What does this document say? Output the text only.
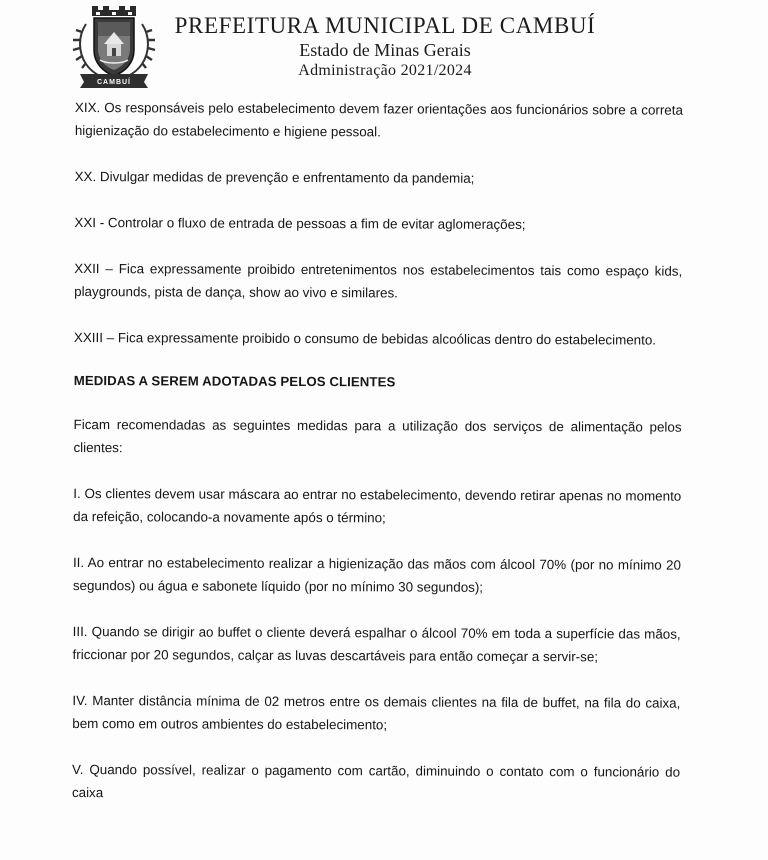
CAMBUÍ
PREFEITURA MUNICIPAL DE CAMBUÍ
Estado de Minas Gerais
Administração 2021/2024

XIX. Os responsáveis pelo estabelecimento devem fazer orientações aos funcionários sobre a correta higienização do estabelecimento e higiene pessoal.

XX. Divulgar medidas de prevenção e enfrentamento da pandemia;

XXI - Controlar o fluxo de entrada de pessoas a fim de evitar aglomerações;

XXII – Fica expressamente proibido entretenimentos nos estabelecimentos tais como espaço kids, playgrounds, pista de dança, show ao vivo e similares.

XXIII – Fica expressamente proibido o consumo de bebidas alcoólicas dentro do estabelecimento.

MEDIDAS A SEREM ADOTADAS PELOS CLIENTES

Ficam recomendadas as seguintes medidas para a utilização dos serviços de alimentação pelos clientes:

I. Os clientes devem usar máscara ao entrar no estabelecimento, devendo retirar apenas no momento da refeição, colocando-a novamente após o término;

II. Ao entrar no estabelecimento realizar a higienização das mãos com álcool 70% (por no mínimo 20 segundos) ou água e sabonete líquido (por no mínimo 30 segundos);

III. Quando se dirigir ao buffet o cliente deverá espalhar o álcool 70% em toda a superfície das mãos, friccionar por 20 segundos, calçar as luvas descartáveis para então começar a servir-se;

IV. Manter distância mínima de 02 metros entre os demais clientes na fila de buffet, na fila do caixa, bem como em outros ambientes do estabelecimento;

V. Quando possível, realizar o pagamento com cartão, diminuindo o contato com o funcionário do caixa
